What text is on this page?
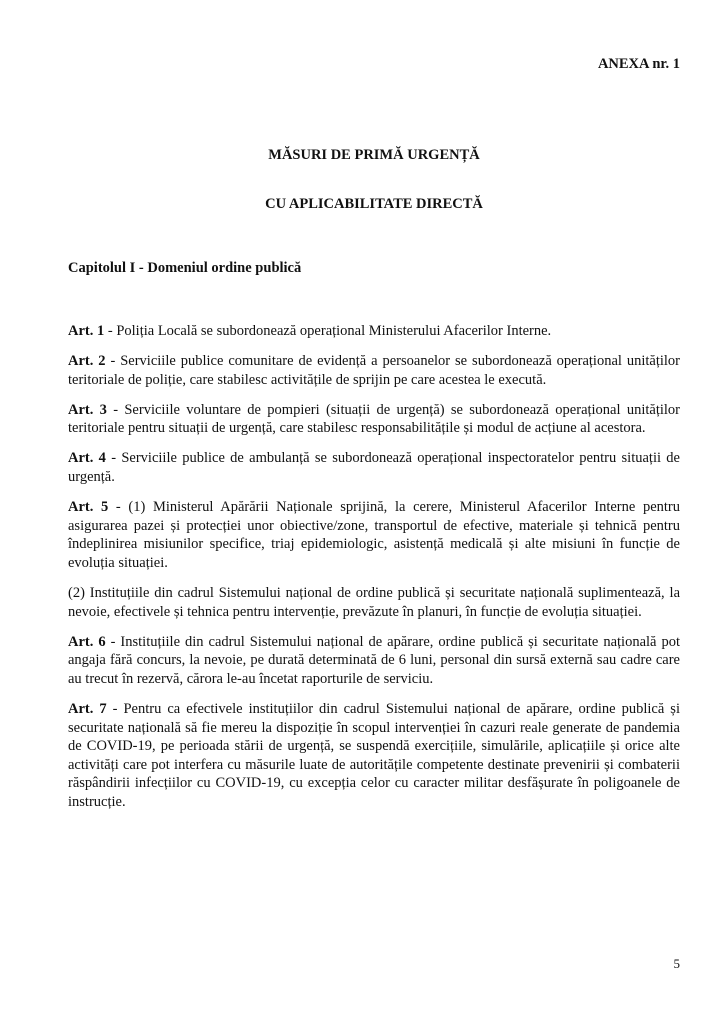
ANEXA nr. 1
MĂSURI DE PRIMĂ URGENȚĂ
CU APLICABILITATE DIRECTĂ
Capitolul I - Domeniul ordine publică

Art. 1 - Poliția Locală se subordonează operațional Ministerului Afacerilor Interne.

Art. 2 - Serviciile publice comunitare de evidență a persoanelor se subordonează operațional unităților teritoriale de poliție, care stabilesc activitățile de sprijin pe care acestea le execută.

Art. 3 - Serviciile voluntare de pompieri (situații de urgență) se subordonează operațional unităților teritoriale pentru situații de urgență, care stabilesc responsabilitățile și modul de acțiune al acestora.

Art. 4 - Serviciile publice de ambulanță se subordonează operațional inspectoratelor pentru situații de urgență.

Art. 5 - (1) Ministerul Apărării Naționale sprijină, la cerere, Ministerul Afacerilor Interne pentru asigurarea pazei și protecției unor obiective/zone, transportul de efective, materiale și tehnică pentru îndeplinirea misiunilor specifice, triaj epidemiologic, asistență medicală și alte misiuni în funcție de evoluția situației.

(2) Instituțiile din cadrul Sistemului național de ordine publică și securitate națională suplimentează, la nevoie, efectivele și tehnica pentru intervenție, prevăzute în planuri, în funcție de evoluția situației.

Art. 6 - Instituțiile din cadrul Sistemului național de apărare, ordine publică și securitate națională pot angaja fără concurs, la nevoie, pe durată determinată de 6 luni, personal din sursă externă sau cadre care au trecut în rezervă, cărora le-au încetat raporturile de serviciu.

Art. 7 - Pentru ca efectivele instituțiilor din cadrul Sistemului național de apărare, ordine publică și securitate națională să fie mereu la dispoziție în scopul intervenției în cazuri reale generate de pandemia de COVID-19, pe perioada stării de urgență, se suspendă exercițiile, simulările, aplicațiile și orice alte activități care pot interfera cu măsurile luate de autoritățile competente destinate prevenirii și combaterii răspândirii infecțiilor cu COVID-19, cu excepția celor cu caracter militar desfășurate în poligoanele de instrucție.

5
